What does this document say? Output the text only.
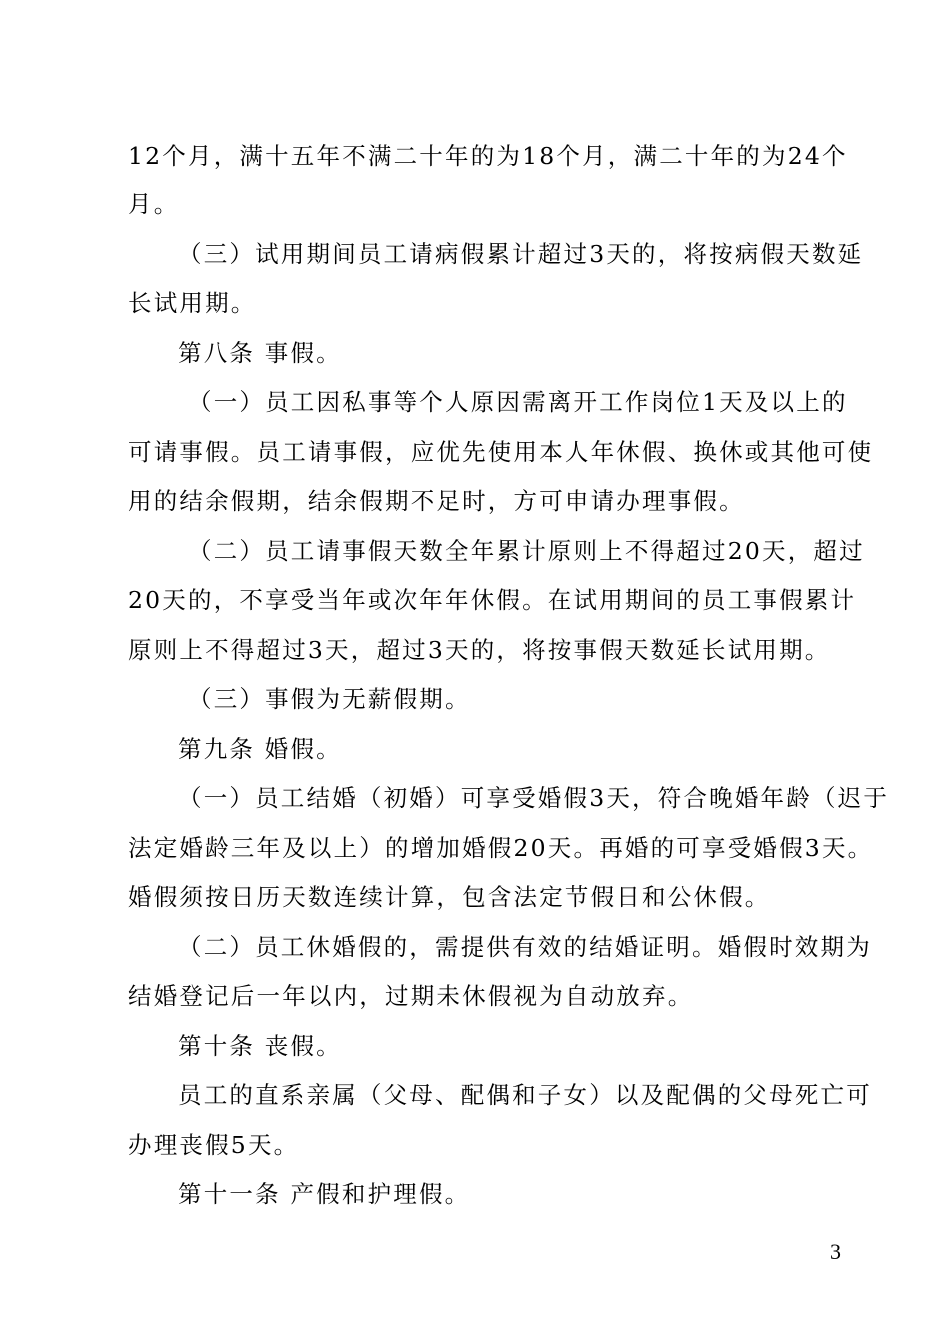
12个月，满十五年不满二十年的为18个月，满二十年的为24个

月。

（三）试用期间员工请病假累计超过3天的，将按病假天数延

长试用期。

第八条 事假。

（一）员工因私事等个人原因需离开工作岗位1天及以上的

可请事假。员工请事假，应优先使用本人年休假、换休或其他可使

用的结余假期，结余假期不足时，方可申请办理事假。

（二）员工请事假天数全年累计原则上不得超过20天，超过

20天的，不享受当年或次年年休假。在试用期间的员工事假累计

原则上不得超过3天，超过3天的，将按事假天数延长试用期。

（三）事假为无薪假期。

第九条 婚假。

（一）员工结婚（初婚）可享受婚假3天，符合晚婚年龄（迟于

法定婚龄三年及以上）的增加婚假20天。再婚的可享受婚假3天。

婚假须按日历天数连续计算，包含法定节假日和公休假。

（二）员工休婚假的，需提供有效的结婚证明。婚假时效期为

结婚登记后一年以内，过期未休假视为自动放弃。

第十条 丧假。

员工的直系亲属（父母、配偶和子女）以及配偶的父母死亡可

办理丧假5天。

第十一条 产假和护理假。

3
